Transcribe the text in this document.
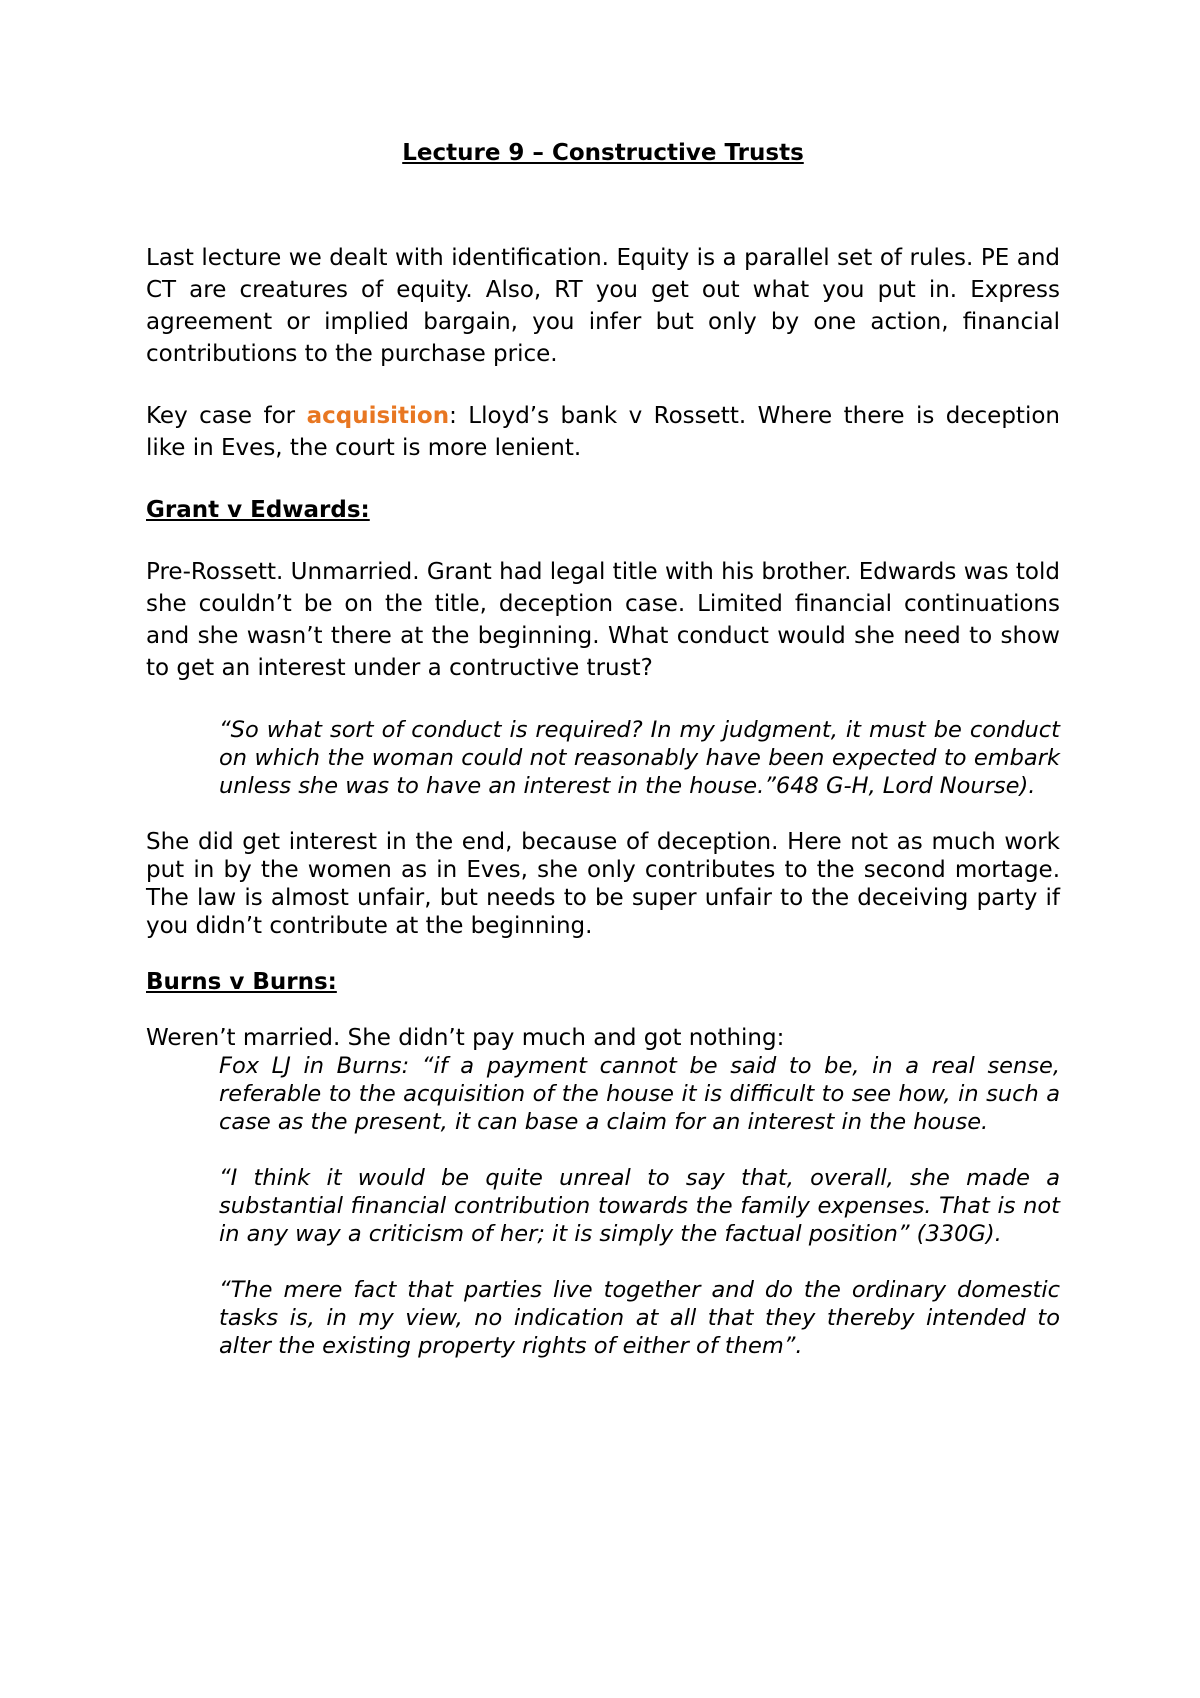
Lecture 9 – Constructive Trusts

Last lecture we dealt with identification. Equity is a parallel set of rules. PE and CT are creatures of equity. Also, RT you get out what you put in. Express agreement or implied bargain, you infer but only by one action, financial contributions to the purchase price.

Key case for acquisition: Lloyd’s bank v Rossett. Where there is deception like in Eves, the court is more lenient.

Grant v Edwards:

Pre-Rossett. Unmarried. Grant had legal title with his brother. Edwards was told she couldn’t be on the title, deception case. Limited financial continuations and she wasn’t there at the beginning. What conduct would she need to show to get an interest under a contructive trust?

“So what sort of conduct is required? In my judgment, it must be conduct on which the woman could not reasonably have been expected to embark unless she was to have an interest in the house.”648 G-H, Lord Nourse).

She did get interest in the end, because of deception. Here not as much work put in by the women as in Eves, she only contributes to the second mortage. The law is almost unfair, but needs to be super unfair to the deceiving party if you didn’t contribute at the beginning.

Burns v Burns:

Weren’t married. She didn’t pay much and got nothing:

Fox LJ in Burns: “if a payment cannot be said to be, in a real sense, referable to the acquisition of the house it is difficult to see how, in such a case as the present, it can base a claim for an interest in the house.

“I think it would be quite unreal to say that, overall, she made a substantial financial contribution towards the family expenses. That is not in any way a criticism of her; it is simply the factual position” (330G).

“The mere fact that parties live together and do the ordinary domestic tasks is, in my view, no indication at all that they thereby intended to alter the existing property rights of either of them”.
